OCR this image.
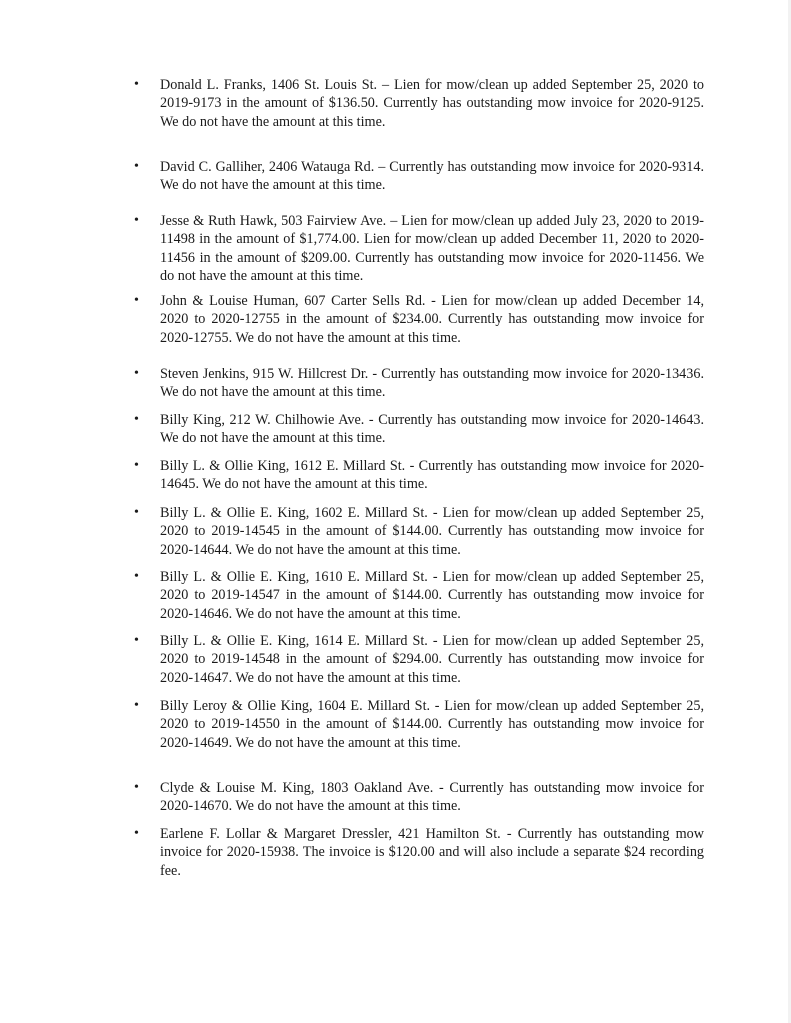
• Donald L. Franks, 1406 St. Louis St. – Lien for mow/clean up added September 25, 2020 to 2019-9173 in the amount of $136.50. Currently has outstanding mow invoice for 2020-9125. We do not have the amount at this time.
• David C. Galliher, 2406 Watauga Rd. – Currently has outstanding mow invoice for 2020-9314. We do not have the amount at this time.
• Jesse & Ruth Hawk, 503 Fairview Ave. – Lien for mow/clean up added July 23, 2020 to 2019-11498 in the amount of $1,774.00. Lien for mow/clean up added December 11, 2020 to 2020-11456 in the amount of $209.00. Currently has outstanding mow invoice for 2020-11456. We do not have the amount at this time.
• John & Louise Human, 607 Carter Sells Rd. - Lien for mow/clean up added December 14, 2020 to 2020-12755 in the amount of $234.00. Currently has outstanding mow invoice for 2020-12755. We do not have the amount at this time.
• Steven Jenkins, 915 W. Hillcrest Dr. - Currently has outstanding mow invoice for 2020-13436. We do not have the amount at this time.
• Billy King, 212 W. Chilhowie Ave. - Currently has outstanding mow invoice for 2020-14643. We do not have the amount at this time.
• Billy L. & Ollie King, 1612 E. Millard St. - Currently has outstanding mow invoice for 2020-14645. We do not have the amount at this time.
• Billy L. & Ollie E. King, 1602 E. Millard St. - Lien for mow/clean up added September 25, 2020 to 2019-14545 in the amount of $144.00. Currently has outstanding mow invoice for 2020-14644. We do not have the amount at this time.
• Billy L. & Ollie E. King, 1610 E. Millard St. - Lien for mow/clean up added September 25, 2020 to 2019-14547 in the amount of $144.00. Currently has outstanding mow invoice for 2020-14646. We do not have the amount at this time.
• Billy L. & Ollie E. King, 1614 E. Millard St. - Lien for mow/clean up added September 25, 2020 to 2019-14548 in the amount of $294.00. Currently has outstanding mow invoice for 2020-14647. We do not have the amount at this time.
• Billy Leroy & Ollie King, 1604 E. Millard St. - Lien for mow/clean up added September 25, 2020 to 2019-14550 in the amount of $144.00. Currently has outstanding mow invoice for 2020-14649. We do not have the amount at this time.
• Clyde & Louise M. King, 1803 Oakland Ave. - Currently has outstanding mow invoice for 2020-14670. We do not have the amount at this time.
• Earlene F. Lollar & Margaret Dressler, 421 Hamilton St. - Currently has outstanding mow invoice for 2020-15938. The invoice is $120.00 and will also include a separate $24 recording fee.
